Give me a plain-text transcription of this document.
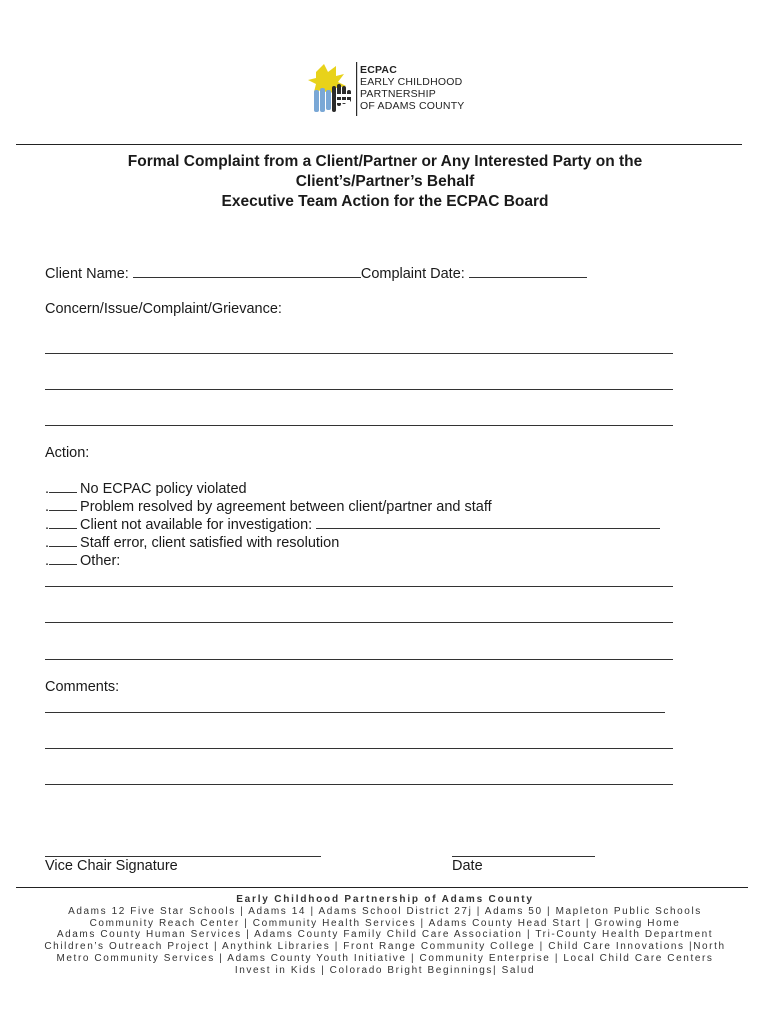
ECPAC
EARLY CHILDHOOD
PARTNERSHIP
OF ADAMS COUNTY
Formal Complaint from a Client/Partner or Any Interested Party on the
Client’s/Partner’s Behalf
Executive Team Action for the ECPAC Board
Client Name:	Complaint Date:
Concern/Issue/Complaint/Grievance:
Action:
. No ECPAC policy violated
. Problem resolved by agreement between client/partner and staff
. Client not available for investigation:
. Staff error, client satisfied with resolution
. Other:
Comments:
Vice Chair Signature	Date
Early Childhood Partnership of Adams County
Adams 12 Five Star Schools | Adams 14 | Adams School District 27j | Adams 50 | Mapleton Public Schools
Community Reach Center | Community Health Services | Adams County Head Start | Growing Home
Adams County Human Services | Adams County Family Child Care Association | Tri-County Health Department
Children’s Outreach Project | Anythink Libraries | Front Range Community College | Child Care Innovations |North
Metro Community Services | Adams County Youth Initiative | Community Enterprise | Local Child Care Centers
Invest in Kids | Colorado Bright Beginnings| Salud
